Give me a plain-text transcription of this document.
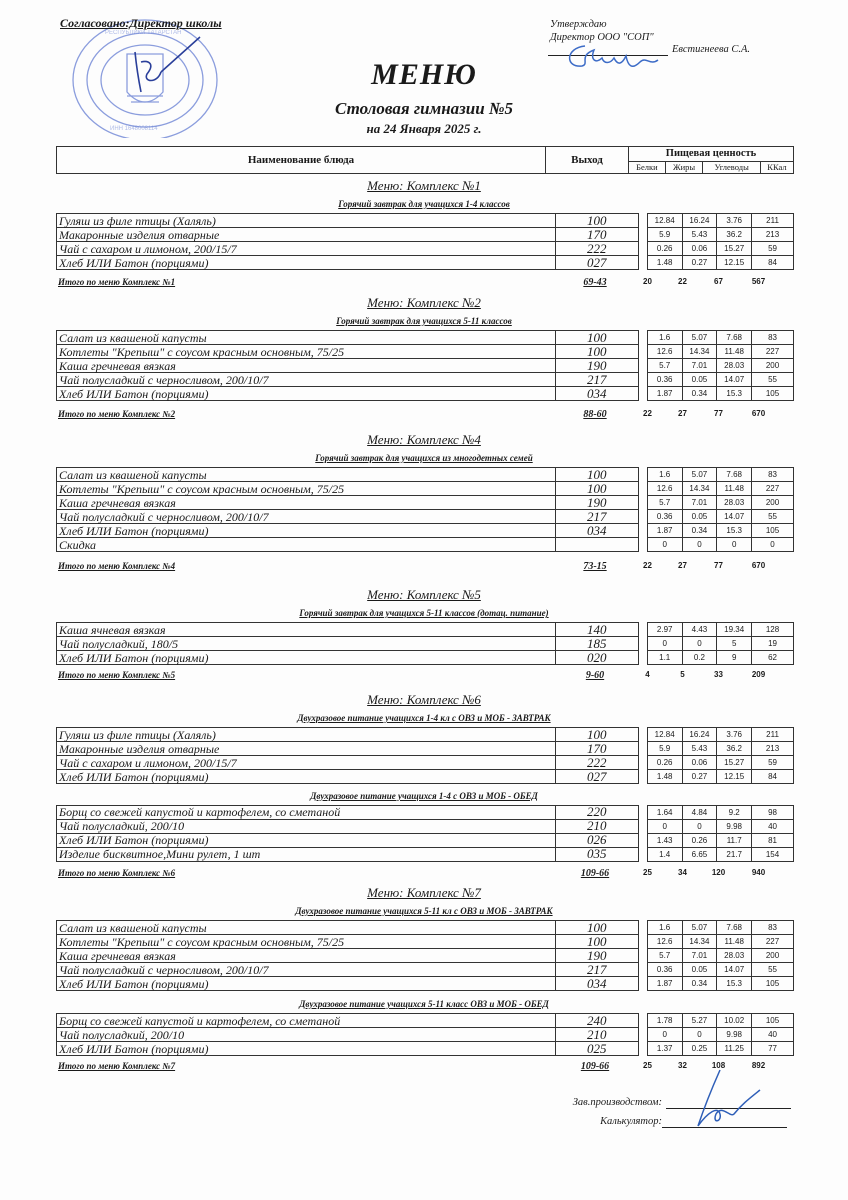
РЕСПУБЛИКИ ТАТАРСТАН
ИНН 1648008114
Согласовано:Директор школы	Утверждаю
Директор ООО "СОП"
Евстигнеева С.А.
МЕНЮ
Столовая гимназии №5
на 24 Января 2025 г.
Наименование блюда	Выход	Пищевая ценность			
		Белки	Жиры	Углеводы	ККал
Зав.производством:
Калькулятор:
Меню: Комплекс №1
Горячий завтрак для учащихся 1-4 классов
Гуляш из филе птицы (Халяль)	100		12.84	16.24	3.76	211
Макаронные изделия отварные	170		5.9	5.43	36.2	213
Чай с сахаром и лимоном, 200/15/7	222		0.26	0.06	15.27	59
Хлеб ИЛИ Батон (порциями)	027		1.48	0.27	12.15	84
Итого по меню Комплекс №1	69-43	20	22	67	567
Меню: Комплекс №2
Горячий завтрак для учащихся 5-11 классов
Салат из квашеной капусты	100		1.6	5.07	7.68	83
Котлеты "Крепыш" с соусом красным основным, 75/25	100		12.6	14.34	11.48	227
Каша гречневая вязкая	190		5.7	7.01	28.03	200
Чай полусладкий с черносливом, 200/10/7	217		0.36	0.05	14.07	55
Хлеб ИЛИ Батон (порциями)	034		1.87	0.34	15.3	105
Итого по меню Комплекс №2	88-60	22	27	77	670
Меню: Комплекс №4
Горячий завтрак для учащихся из многодетных семей
Салат из квашеной капусты	100		1.6	5.07	7.68	83
Котлеты "Крепыш" с соусом красным основным, 75/25	100		12.6	14.34	11.48	227
Каша гречневая вязкая	190		5.7	7.01	28.03	200
Чай полусладкий с черносливом, 200/10/7	217		0.36	0.05	14.07	55
Хлеб ИЛИ Батон (порциями)	034		1.87	0.34	15.3	105
Скидка			0	0	0	0
Итого по меню Комплекс №4	73-15	22	27	77	670
Меню: Комплекс №5
Горячий завтрак для учащихся 5-11 классов (дотац. питание)
Каша ячневая вязкая	140		2.97	4.43	19.34	128
Чай полусладкий, 180/5	185		0	0	5	19
Хлеб ИЛИ Батон (порциями)	020		1.1	0.2	9	62
Итого по меню Комплекс №5	9-60	4	5	33	209
Меню: Комплекс №6
Двухразовое питание учащихся 1-4 кл с ОВЗ и МОБ - ЗАВТРАК
Гуляш из филе птицы (Халяль)	100		12.84	16.24	3.76	211
Макаронные изделия отварные	170		5.9	5.43	36.2	213
Чай с сахаром и лимоном, 200/15/7	222		0.26	0.06	15.27	59
Хлеб ИЛИ Батон (порциями)	027		1.48	0.27	12.15	84
Двухразовое питание учащихся 1-4 с ОВЗ и МОБ - ОБЕД
Борщ со свежей капустой и картофелем, со сметаной	220		1.64	4.84	9.2	98
Чай полусладкий, 200/10	210		0	0	9.98	40
Хлеб ИЛИ Батон (порциями)	026		1.43	0.26	11.7	81
Изделие бисквитное,Мини рулет, 1 шт	035		1.4	6.65	21.7	154
Итого по меню Комплекс №6	109-66	25	34	120	940
Меню: Комплекс №7
Двухразовое питание учащихся 5-11 кл с ОВЗ и МОБ - ЗАВТРАК
Салат из квашеной капусты	100		1.6	5.07	7.68	83
Котлеты "Крепыш" с соусом красным основным, 75/25	100		12.6	14.34	11.48	227
Каша гречневая вязкая	190		5.7	7.01	28.03	200
Чай полусладкий с черносливом, 200/10/7	217		0.36	0.05	14.07	55
Хлеб ИЛИ Батон (порциями)	034		1.87	0.34	15.3	105
Двухразовое питание учащихся 5-11 класс ОВЗ и МОБ - ОБЕД
Борщ со свежей капустой и картофелем, со сметаной	240		1.78	5.27	10.02	105
Чай полусладкий, 200/10	210		0	0	9.98	40
Хлеб ИЛИ Батон (порциями)	025		1.37	0.25	11.25	77
Итого по меню Комплекс №7	109-66	25	32	108	892
